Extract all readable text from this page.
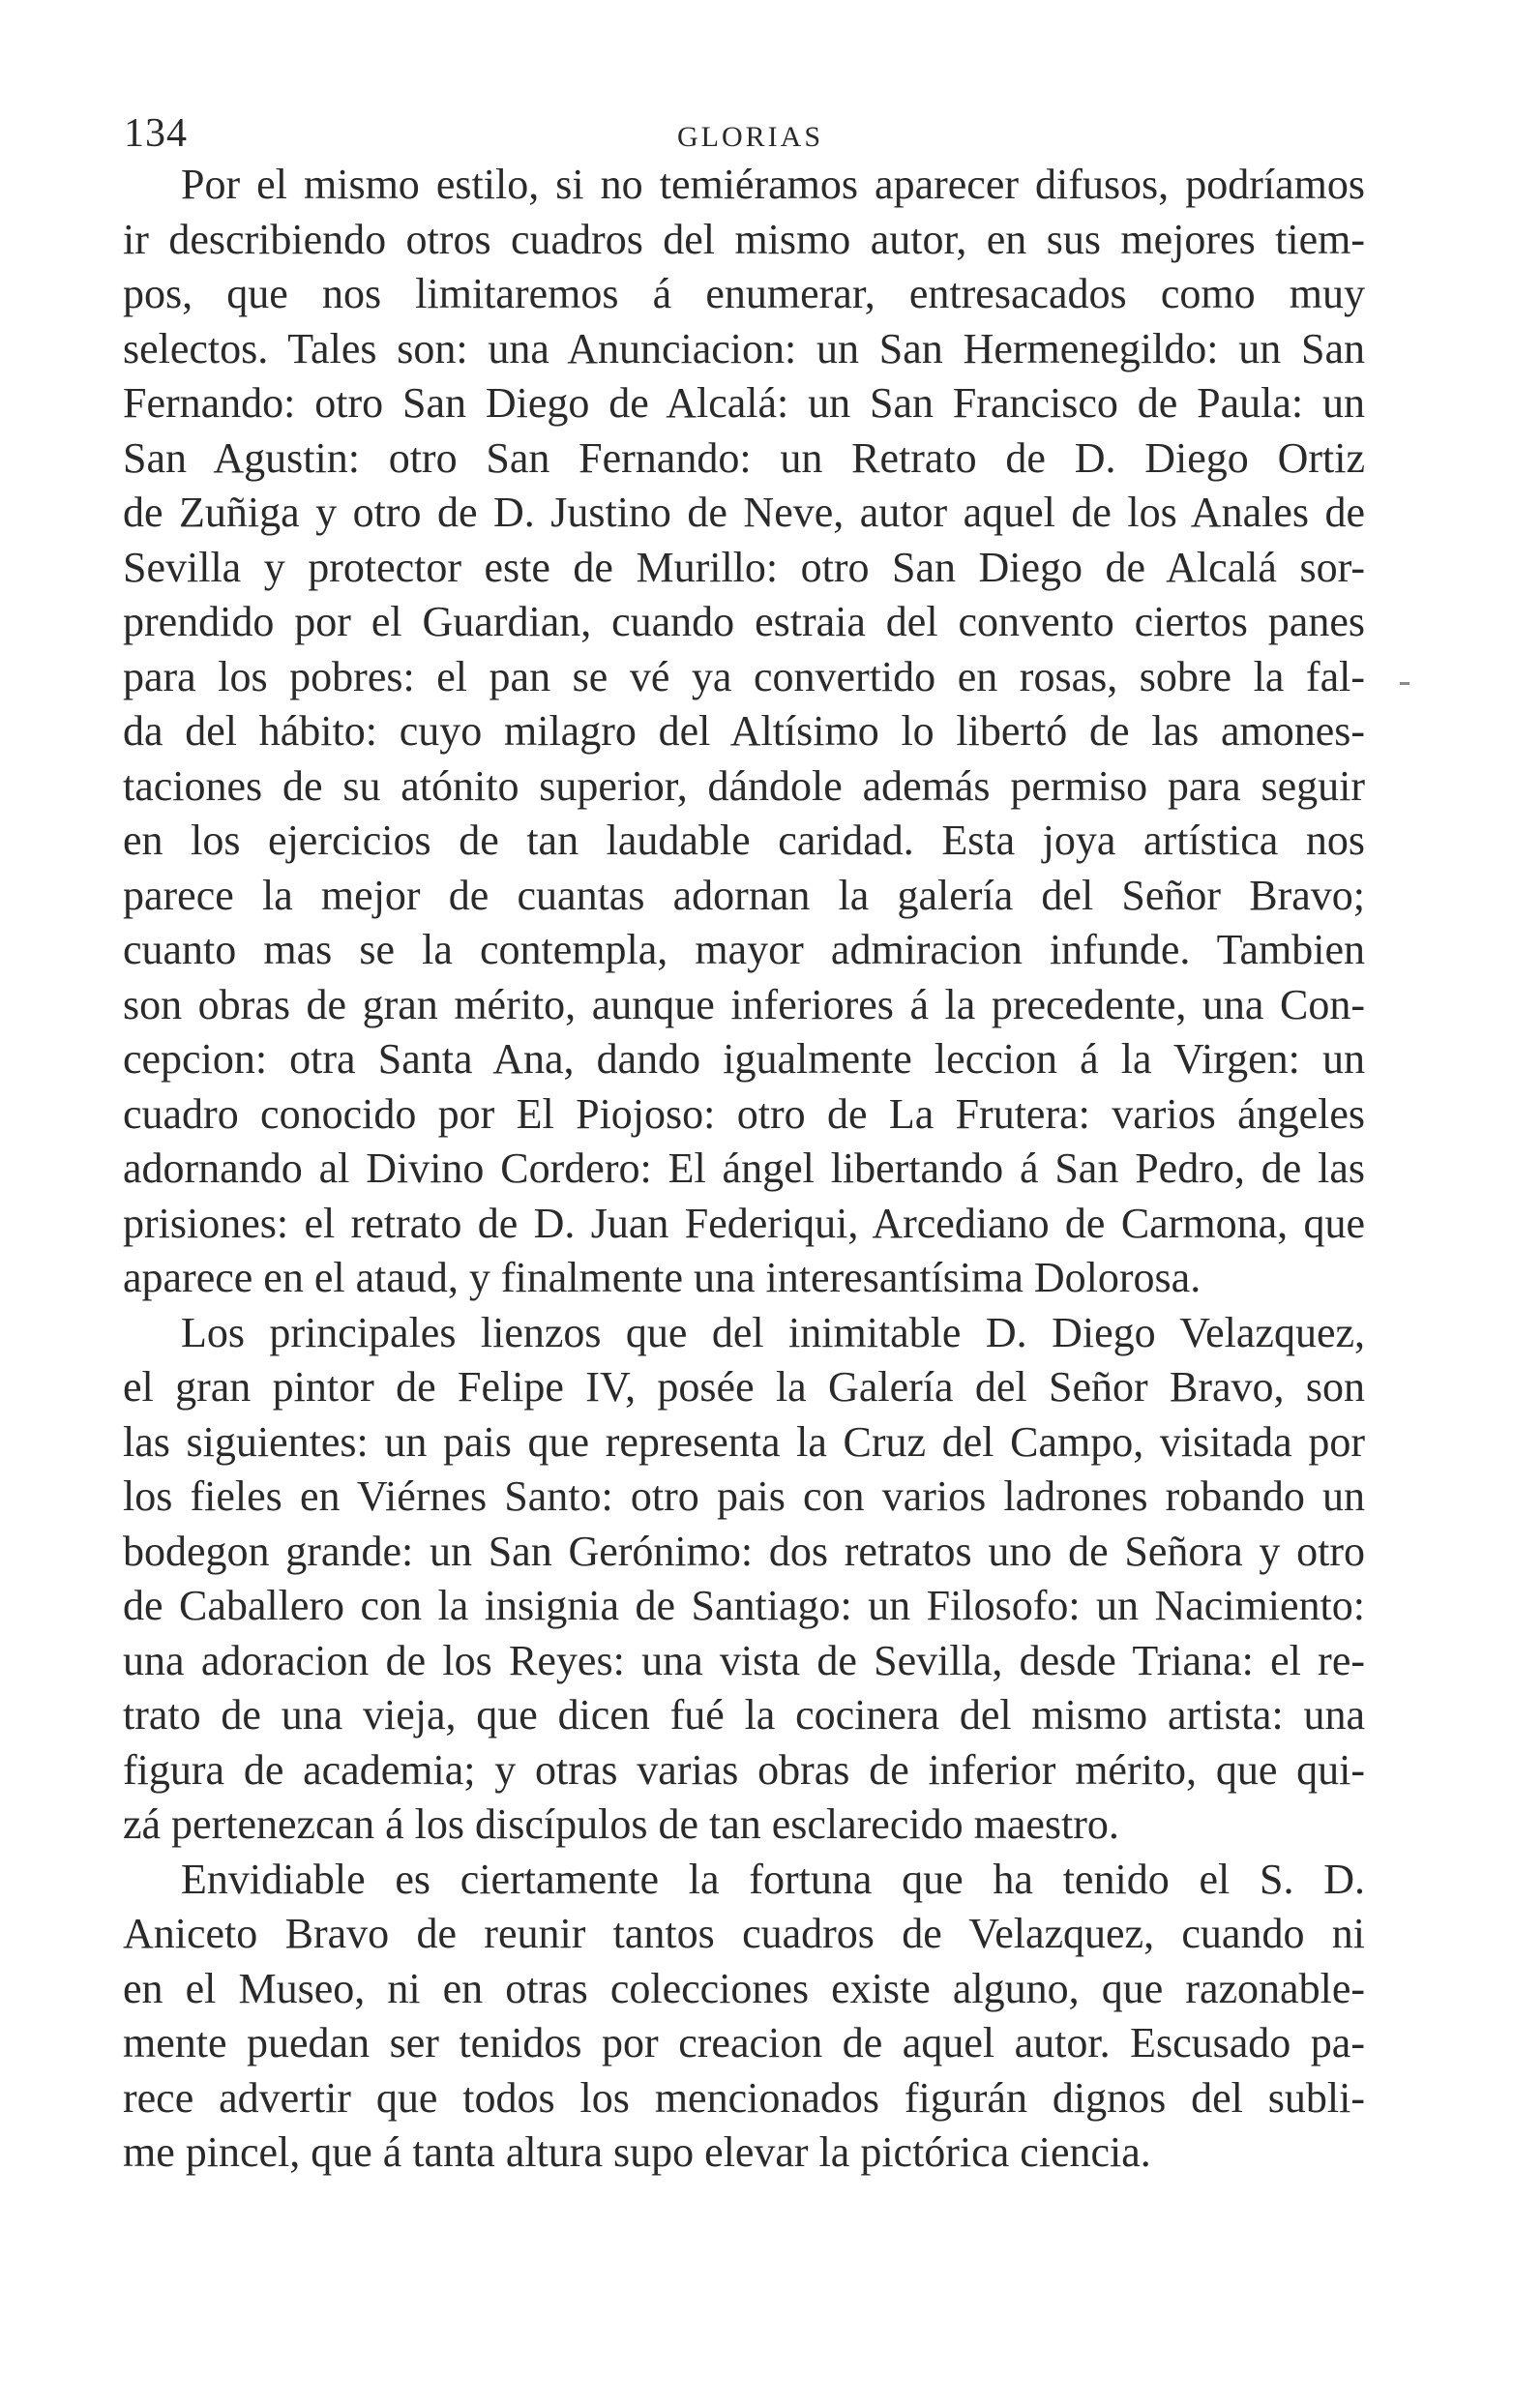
134	GLORIAS
Por el mismo estilo, si no temiéramos aparecer difusos, podríamos
ir describiendo otros cuadros del mismo autor, en sus mejores tiem-
pos, que nos limitaremos á enumerar, entresacados como muy
selectos. Tales son: una Anunciacion: un San Hermenegildo: un San
Fernando: otro San Diego de Alcalá: un San Francisco de Paula: un
San Agustin: otro San Fernando: un Retrato de D. Diego Ortiz
de Zuñiga y otro de D. Justino de Neve, autor aquel de los Anales de
Sevilla y protector este de Murillo: otro San Diego de Alcalá sor-
prendido por el Guardian, cuando estraia del convento ciertos panes
para los pobres: el pan se vé ya convertido en rosas, sobre la fal-
da del hábito: cuyo milagro del Altísimo lo libertó de las amones-
taciones de su atónito superior, dándole además permiso para seguir
en los ejercicios de tan laudable caridad. Esta joya artística nos
parece la mejor de cuantas adornan la galería del Señor Bravo;
cuanto mas se la contempla, mayor admiracion infunde. Tambien
son obras de gran mérito, aunque inferiores á la precedente, una Con-
cepcion: otra Santa Ana, dando igualmente leccion á la Virgen: un
cuadro conocido por El Piojoso: otro de La Frutera: varios ángeles
adornando al Divino Cordero: El ángel libertando á San Pedro, de las
prisiones: el retrato de D. Juan Federiqui, Arcediano de Carmona, que
aparece en el ataud, y finalmente una interesantísima Dolorosa.
Los principales lienzos que del inimitable D. Diego Velazquez,
el gran pintor de Felipe IV, posée la Galería del Señor Bravo, son
las siguientes: un pais que representa la Cruz del Campo, visitada por
los fieles en Viérnes Santo: otro pais con varios ladrones robando un
bodegon grande: un San Gerónimo: dos retratos uno de Señora y otro
de Caballero con la insignia de Santiago: un Filosofo: un Nacimiento:
una adoracion de los Reyes: una vista de Sevilla, desde Triana: el re-
trato de una vieja, que dicen fué la cocinera del mismo artista: una
figura de academia; y otras varias obras de inferior mérito, que qui-
zá pertenezcan á los discípulos de tan esclarecido maestro.
Envidiable es ciertamente la fortuna que ha tenido el S. D.
Aniceto Bravo de reunir tantos cuadros de Velazquez, cuando ni
en el Museo, ni en otras colecciones existe alguno, que razonable-
mente puedan ser tenidos por creacion de aquel autor. Escusado pa-
rece advertir que todos los mencionados figurán dignos del subli-
me pincel, que á tanta altura supo elevar la pictórica ciencia.
